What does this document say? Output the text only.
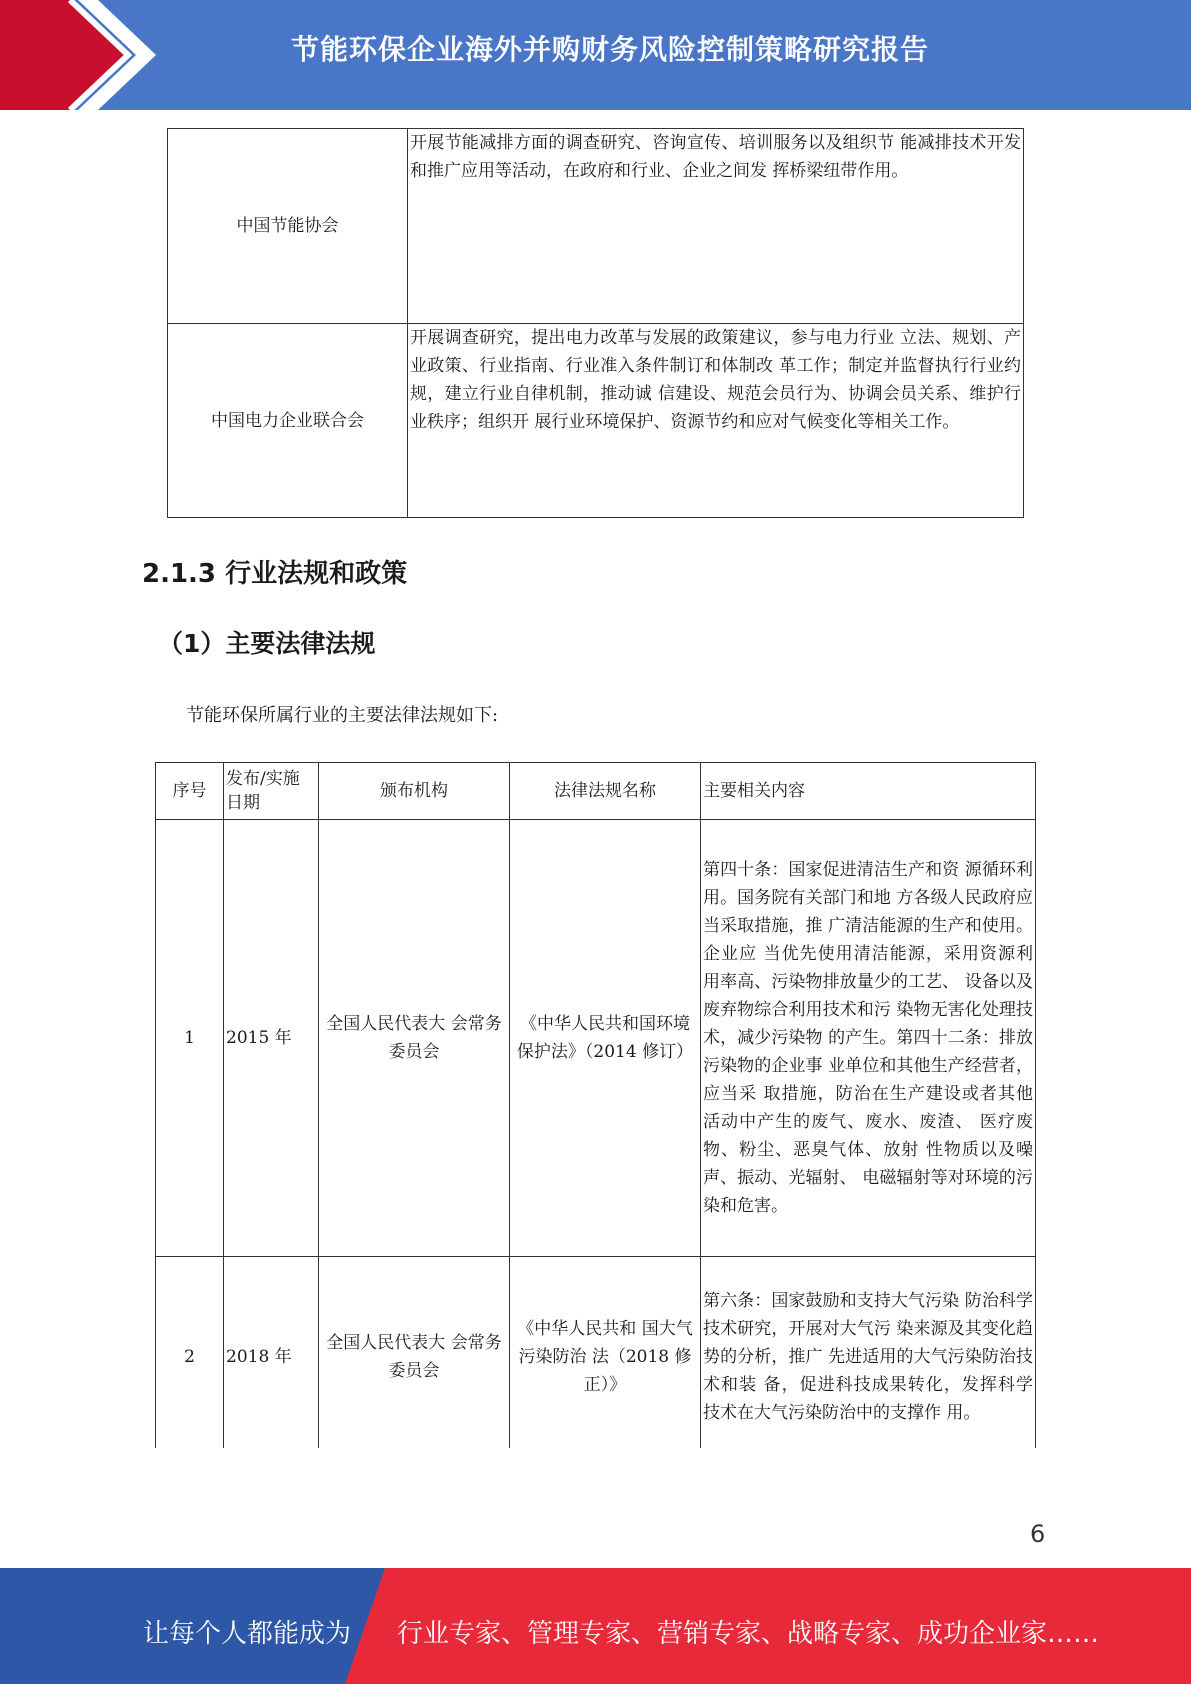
节能环保企业海外并购财务风险控制策略研究报告
中国节能协会	开展节能减排方面的调查研究、咨询宣传、培训服务以及组织节 能减排技术开发和推广应用等活动，在政府和行业、企业之间发 挥桥梁纽带作用。
中国电力企业联合会	开展调查研究，提出电力改革与发展的政策建议，参与电力行业 立法、规划、产业政策、行业指南、行业准入条件制订和体制改 革工作；制定并监督执行行业约规，建立行业自律机制，推动诚 信建设、规范会员行为、协调会员关系、维护行业秩序；组织开 展行业环境保护、资源节约和应对气候变化等相关工作。
2.1.3 行业法规和政策
（1）主要法律法规
节能环保所属行业的主要法律法规如下:
序号	发布/实施日期	颁布机构	法律法规名称	主要相关内容
1	2015 年	全国人民代表大 会常务委员会	《中华人民共和国环境保护法》（2014 修订）	第四十条：国家促进清洁生产和资 源循环利用。国务院有关部门和地 方各级人民政府应当采取措施，推 广清洁能源的生产和使用。企业应 当优先使用清洁能源，采用资源利 用率高、污染物排放量少的工艺、 设备以及废弃物综合利用技术和污 染物无害化处理技术，减少污染物 的产生。第四十二条：排放污染物的企业事 业单位和其他生产经营者，应当采 取措施，防治在生产建设或者其他 活动中产生的废气、废水、废渣、 医疗废物、粉尘、恶臭气体、放射 性物质以及噪声、振动、光辐射、 电磁辐射等对环境的污染和危害。
2	2018 年	全国人民代表大 会常务委员会	《中华人民共和 国大气污染防治 法（2018 修正）》	第六条：国家鼓励和支持大气污染 防治科学技术研究，开展对大气污 染来源及其变化趋势的分析，推广 先进适用的大气污染防治技术和装 备，促进科技成果转化，发挥科学 技术在大气污染防治中的支撑作 用。
6
让每个人都能成为 行业专家、管理专家、营销专家、战略专家、成功企业家……
